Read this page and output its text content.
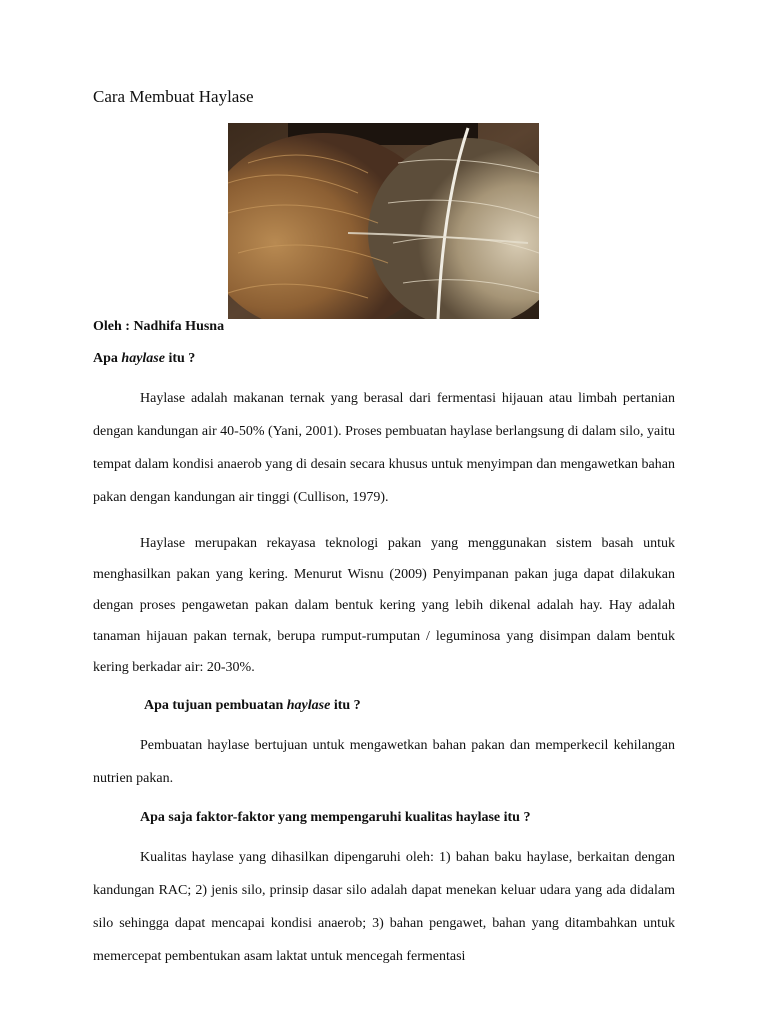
Cara Membuat Haylase

Oleh : Nadhifa Husna

Apa haylase itu ?

Haylase adalah makanan ternak yang berasal dari fermentasi hijauan atau limbah pertanian dengan kandungan air 40-50% (Yani, 2001). Proses pembuatan haylase berlangsung di dalam silo, yaitu tempat dalam kondisi anaerob yang di desain secara khusus untuk menyimpan dan mengawetkan bahan pakan dengan kandungan air tinggi (Cullison, 1979).

Haylase merupakan rekayasa teknologi pakan yang menggunakan sistem basah untuk menghasilkan pakan yang kering. Menurut Wisnu (2009) Penyimpanan pakan juga dapat dilakukan dengan proses pengawetan pakan dalam bentuk kering yang lebih dikenal adalah hay. Hay adalah tanaman hijauan pakan ternak, berupa rumput-rumputan / leguminosa yang disimpan dalam bentuk kering berkadar air: 20-30%.

Apa tujuan pembuatan haylase itu ?

Pembuatan haylase bertujuan untuk mengawetkan bahan pakan dan memperkecil kehilangan nutrien pakan.

Apa saja faktor-faktor yang mempengaruhi kualitas haylase itu ?

Kualitas haylase yang dihasilkan dipengaruhi oleh: 1) bahan baku haylase, berkaitan dengan kandungan RAC; 2) jenis silo, prinsip dasar silo adalah dapat menekan keluar udara yang ada didalam silo sehingga dapat mencapai kondisi anaerob; 3) bahan pengawet, bahan yang ditambahkan untuk memercepat pembentukan asam laktat untuk mencegah fermentasi
